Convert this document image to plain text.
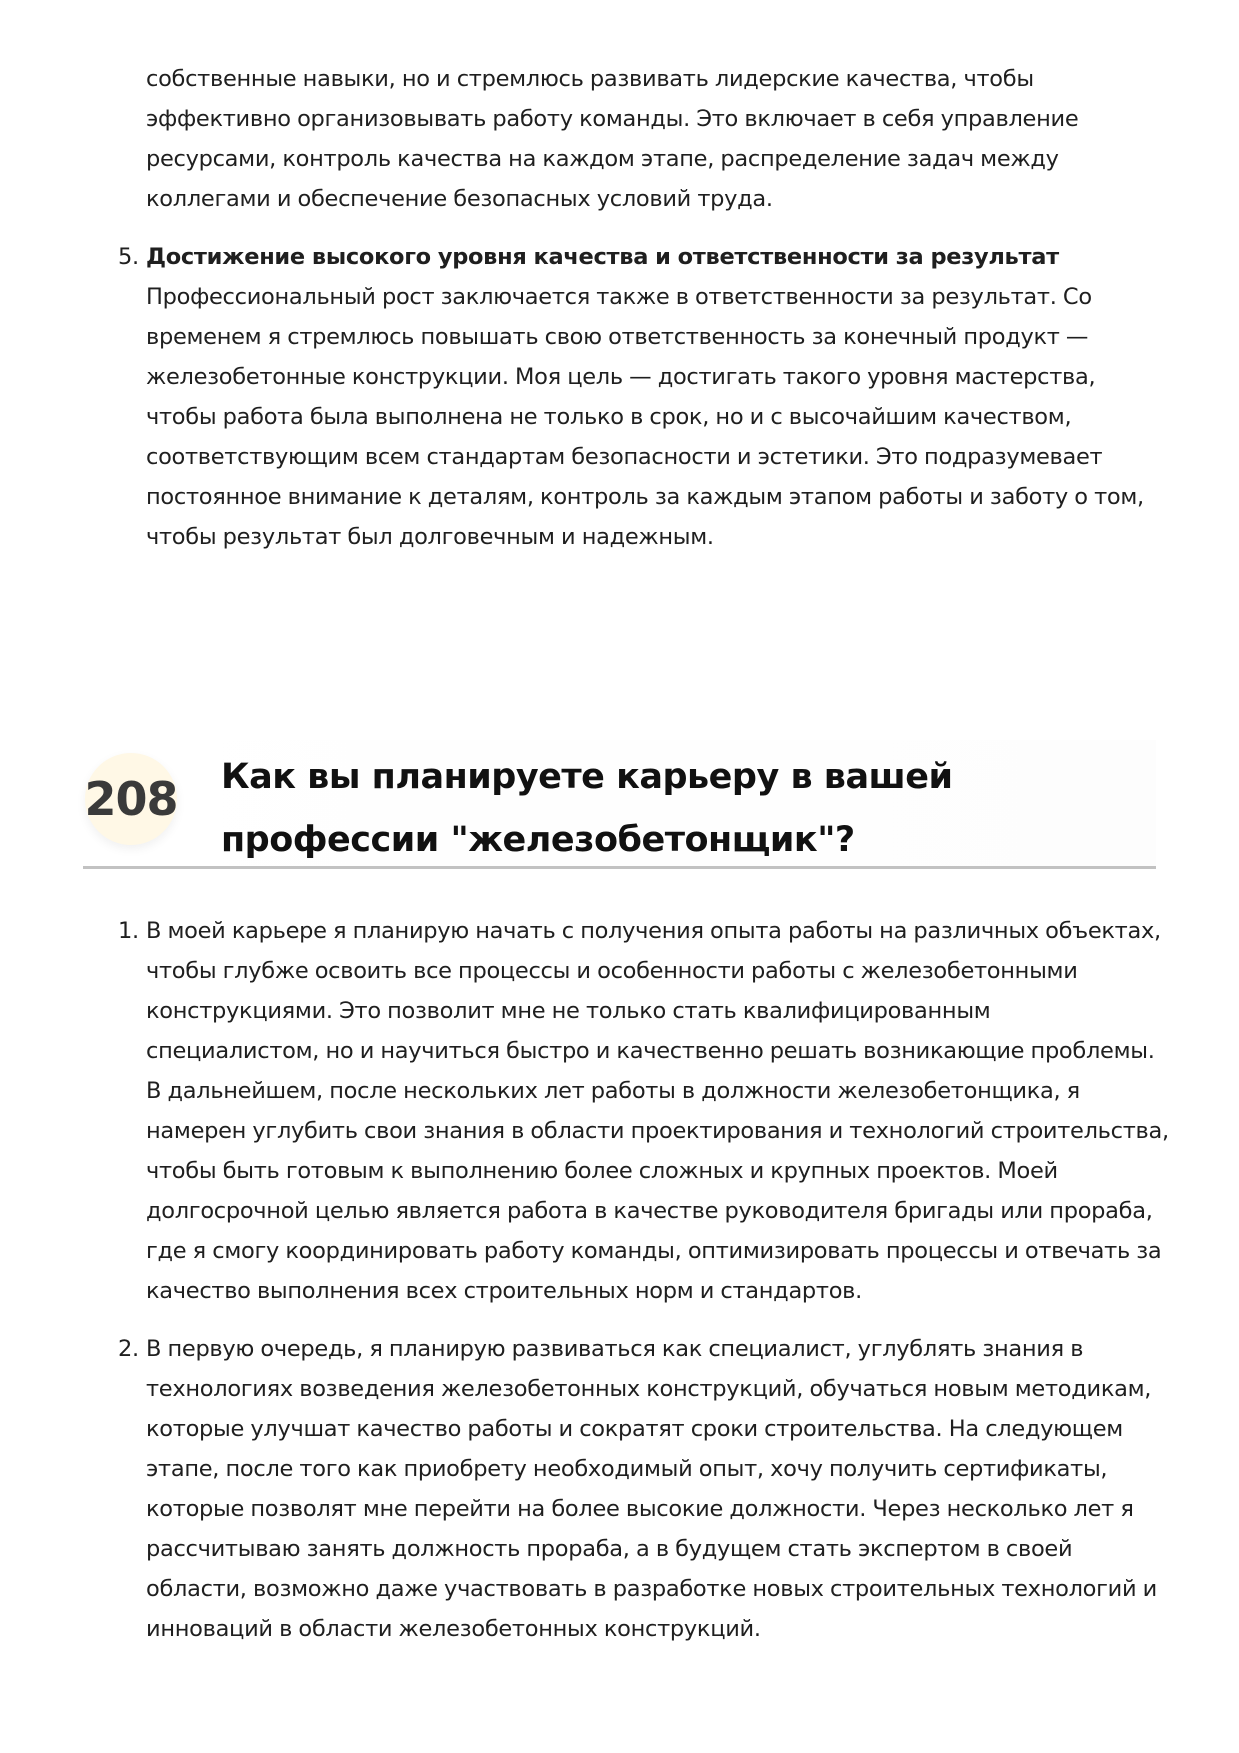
собственные навыки, но и стремлюсь развивать лидерские качества, чтобы эффективно организовывать работу команды. Это включает в себя управление ресурсами, контроль качества на каждом этапе, распределение задач между коллегами и обеспечение безопасных условий труда.

5. Достижение высокого уровня качества и ответственности за результат

Профессиональный рост заключается также в ответственности за результат. Со временем я стремлюсь повышать свою ответственность за конечный продукт — железобетонные конструкции. Моя цель — достигать такого уровня мастерства, чтобы работа была выполнена не только в срок, но и с высочайшим качеством, соответствующим всем стандартам безопасности и эстетики. Это подразумевает постоянное внимание к деталям, контроль за каждым этапом работы и заботу о том, чтобы результат был долговечным и надежным.

208 Как вы планируете карьеру в вашей профессии "железобетонщик"?
1. В моей карьере я планирую начать с получения опыта работы на различных объектах, чтобы глубже освоить все процессы и особенности работы с железобетонными конструкциями. Это позволит мне не только стать квалифицированным специалистом, но и научиться быстро и качественно решать возникающие проблемы. В дальнейшем, после нескольких лет работы в должности железобетонщика, я намерен углубить свои знания в области проектирования и технологий строительства, чтобы быть готовым к выполнению более сложных и крупных проектов. Моей долгосрочной целью является работа в качестве руководителя бригады или прораба, где я смогу координировать работу команды, оптимизировать процессы и отвечать за качество выполнения всех строительных норм и стандартов.

2. В первую очередь, я планирую развиваться как специалист, углублять знания в технологиях возведения железобетонных конструкций, обучаться новым методикам, которые улучшат качество работы и сократят сроки строительства. На следующем этапе, после того как приобрету необходимый опыт, хочу получить сертификаты, которые позволят мне перейти на более высокие должности. Через несколько лет я рассчитываю занять должность прораба, а в будущем стать экспертом в своей области, возможно даже участвовать в разработке новых строительных технологий и инноваций в области железобетонных конструкций.
